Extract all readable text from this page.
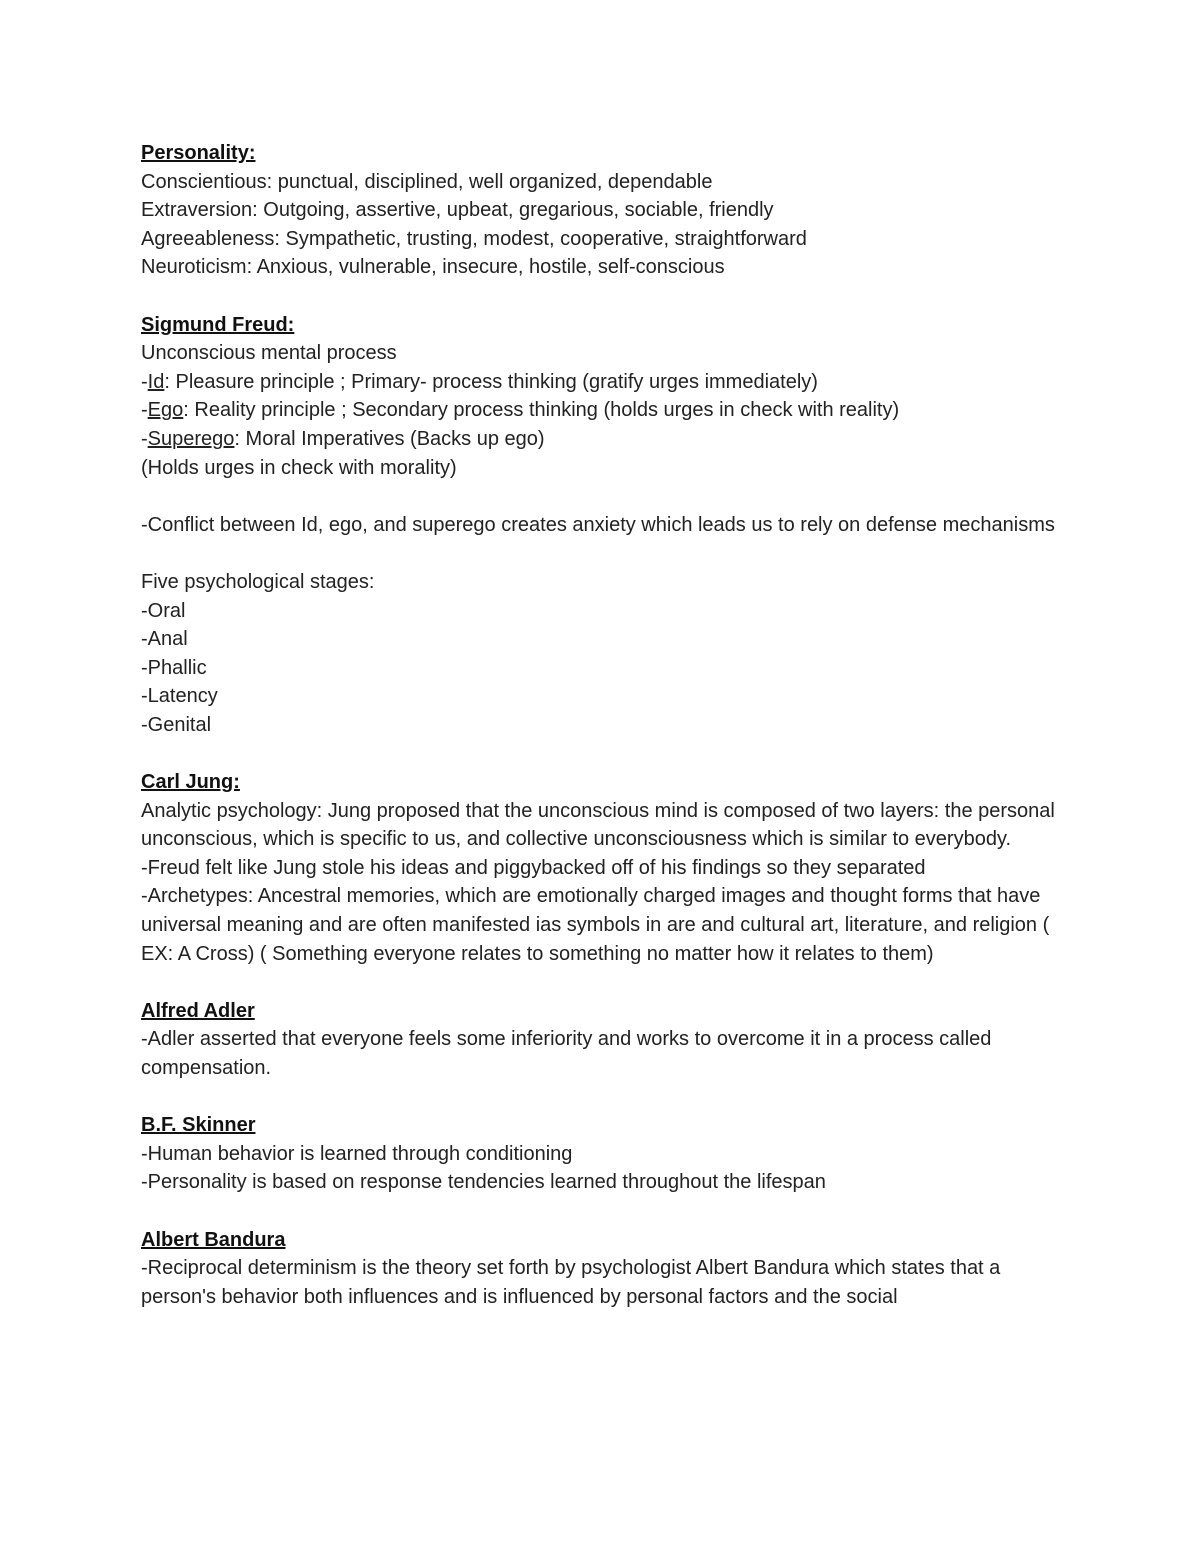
Personality:
Conscientious: punctual, disciplined, well organized, dependable
Extraversion: Outgoing, assertive, upbeat, gregarious, sociable, friendly
Agreeableness: Sympathetic, trusting, modest, cooperative, straightforward
Neuroticism: Anxious, vulnerable, insecure, hostile, self-conscious
Sigmund Freud:
Unconscious mental process
-Id: Pleasure principle ; Primary- process thinking (gratify urges immediately)
-Ego: Reality principle ; Secondary process thinking (holds urges in check with reality)
-Superego: Moral Imperatives (Backs up ego)
(Holds urges in check with morality)
-Conflict between Id, ego, and superego creates anxiety which leads us to rely on defense mechanisms
Five psychological stages:
-Oral
-Anal
-Phallic
-Latency
-Genital
Carl Jung:
Analytic psychology: Jung proposed that the unconscious mind is composed of two layers: the personal unconscious, which is specific to us, and collective unconsciousness which is similar to everybody.
-Freud felt like Jung stole his ideas and piggybacked off of his findings so they separated
-Archetypes: Ancestral memories, which are emotionally charged images and thought forms that have universal meaning and are often manifested ias symbols in are and cultural art, literature, and religion ( EX: A Cross) ( Something everyone relates to something no matter how it relates to them)
Alfred Adler
-Adler asserted that everyone feels some inferiority and works to overcome it in a process called compensation.
B.F. Skinner
-Human behavior is learned through conditioning
-Personality is based on response tendencies learned throughout the lifespan
Albert Bandura
-Reciprocal determinism is the theory set forth by psychologist Albert Bandura which states that a person's behavior both influences and is influenced by personal factors and the social
